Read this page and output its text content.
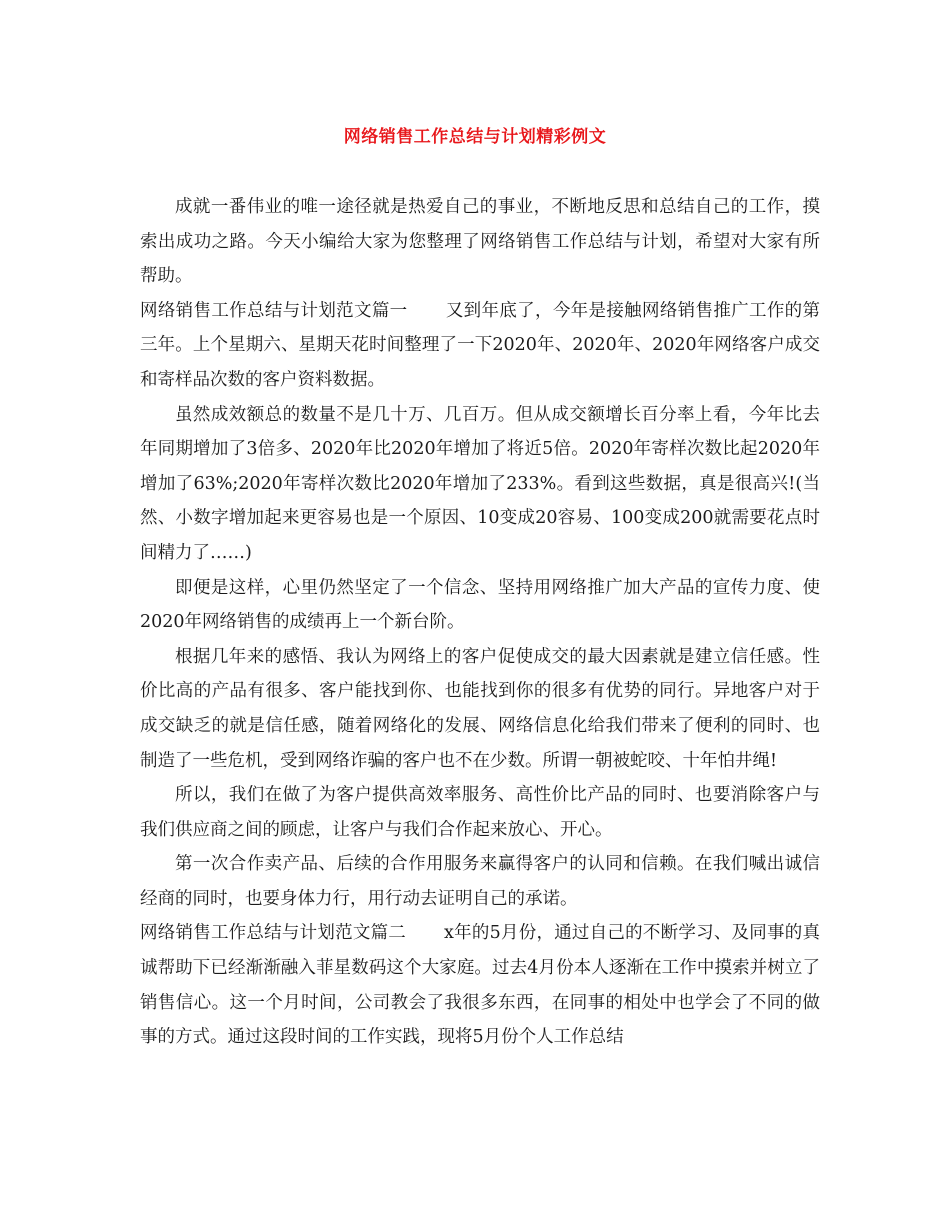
网络销售工作总结与计划精彩例文

成就一番伟业的唯一途径就是热爱自己的事业，不断地反思和总结自己的工作，摸索出成功之路。今天小编给大家为您整理了网络销售工作总结与计划，希望对大家有所帮助。

网络销售工作总结与计划范文篇一 又到年底了，今年是接触网络销售推广工作的第三年。上个星期六、星期天花时间整理了一下2020年、2020年、2020年网络客户成交和寄样品次数的客户资料数据。

虽然成效额总的数量不是几十万、几百万。但从成交额增长百分率上看，今年比去年同期增加了3倍多、2020年比2020年增加了将近5倍。2020年寄样次数比起2020年增加了63%;2020年寄样次数比2020年增加了233%。看到这些数据，真是很高兴!(当然、小数字增加起来更容易也是一个原因、10变成20容易、100变成200就需要花点时间精力了……)

即便是这样，心里仍然坚定了一个信念、坚持用网络推广加大产品的宣传力度、使2020年网络销售的成绩再上一个新台阶。

根据几年来的感悟、我认为网络上的客户促使成交的最大因素就是建立信任感。性价比高的产品有很多、客户能找到你、也能找到你的很多有优势的同行。异地客户对于成交缺乏的就是信任感，随着网络化的发展、网络信息化给我们带来了便利的同时、也制造了一些危机，受到网络诈骗的客户也不在少数。所谓一朝被蛇咬、十年怕井绳!

所以，我们在做了为客户提供高效率服务、高性价比产品的同时、也要消除客户与我们供应商之间的顾虑，让客户与我们合作起来放心、开心。

第一次合作卖产品、后续的合作用服务来赢得客户的认同和信赖。在我们喊出诚信经商的同时，也要身体力行，用行动去证明自己的承诺。

网络销售工作总结与计划范文篇二 x年的5月份，通过自己的不断学习、及同事的真诚帮助下已经渐渐融入菲星数码这个大家庭。过去4月份本人逐渐在工作中摸索并树立了销售信心。这一个月时间，公司教会了我很多东西，在同事的相处中也学会了不同的做事的方式。通过这段时间的工作实践，现将5月份个人工作总结
